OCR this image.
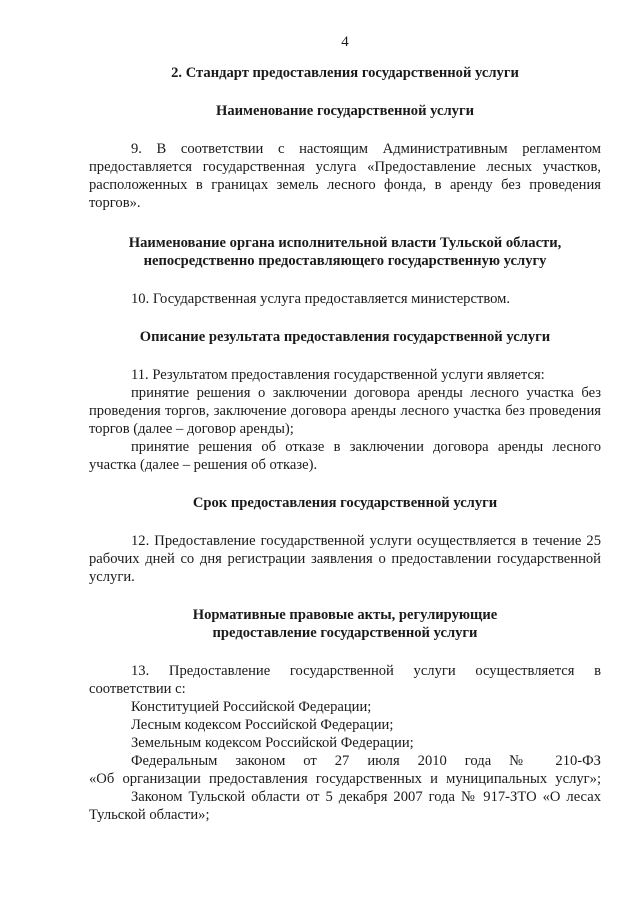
4

2. Стандарт предоставления государственной услуги

Наименование государственной услуги

9. В соответствии с настоящим Административным регламентом предоставляется государственная услуга «Предоставление лесных участков, расположенных в границах земель лесного фонда, в аренду без проведения торгов».

Наименование органа исполнительной власти Тульской области,

непосредственно предоставляющего государственную услугу

10. Государственная услуга предоставляется министерством.

Описание результата предоставления государственной услуги

11. Результатом предоставления государственной услуги является:

принятие решения о заключении договора аренды лесного участка без проведения торгов, заключение договора аренды лесного участка без проведения торгов (далее – договор аренды);

принятие решения об отказе в заключении договора аренды лесного участка (далее – решения об отказе).

Срок предоставления государственной услуги

12. Предоставление государственной услуги осуществляется в течение 25 рабочих дней со дня регистрации заявления о предоставлении государственной услуги.

Нормативные правовые акты, регулирующие

предоставление государственной услуги

13. Предоставление государственной услуги осуществляется в соответствии с:

Конституцией Российской Федерации;

Лесным кодексом Российской Федерации;

Земельным кодексом Российской Федерации;

Федеральным законом от 27 июля 2010 года № 210-ФЗ

«Об организации предоставления государственных и муниципальных услуг»;

Законом Тульской области от 5 декабря 2007 года № 917-ЗТО «О лесах Тульской области»;
